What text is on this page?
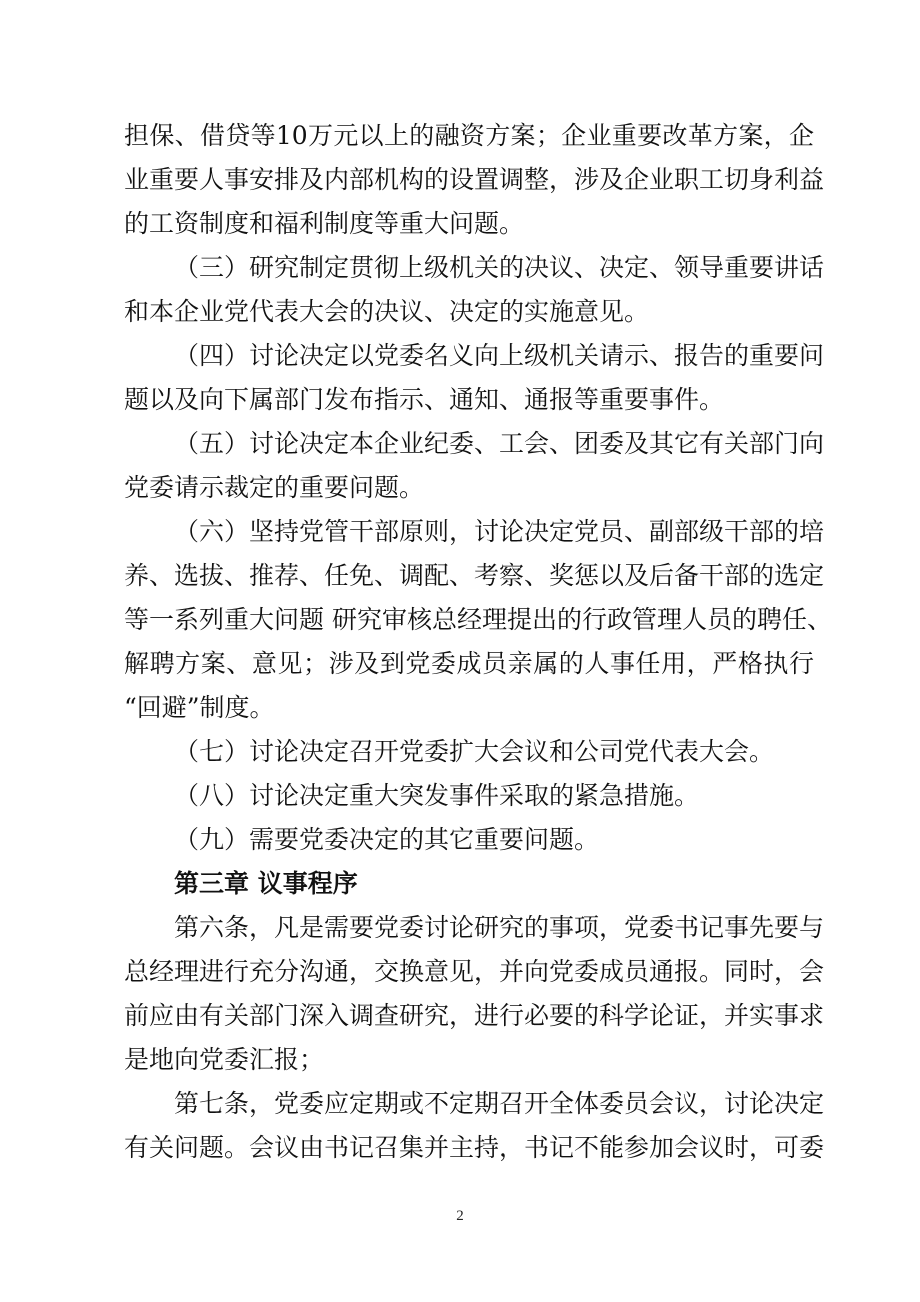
担保、借贷等10万元以上的融资方案；企业重要改革方案，企
业重要人事安排及内部机构的设置调整，涉及企业职工切身利益
的工资制度和福利制度等重大问题。

（三）研究制定贯彻上级机关的决议、决定、领导重要讲话
和本企业党代表大会的决议、决定的实施意见。

（四）讨论决定以党委名义向上级机关请示、报告的重要问
题以及向下属部门发布指示、通知、通报等重要事件。

（五）讨论决定本企业纪委、工会、团委及其它有关部门向
党委请示裁定的重要问题。

（六）坚持党管干部原则，讨论决定党员、副部级干部的培
养、选拔、推荐、任免、调配、考察、奖惩以及后备干部的选定
等一系列重大问题 研究审核总经理提出的行政管理人员的聘任、
解聘方案、意见；涉及到党委成员亲属的人事任用，严格执行
“回避”制度。

（七）讨论决定召开党委扩大会议和公司党代表大会。

（八）讨论决定重大突发事件采取的紧急措施。

（九）需要党委决定的其它重要问题。

第三章 议事程序

第六条，凡是需要党委讨论研究的事项，党委书记事先要与
总经理进行充分沟通，交换意见，并向党委成员通报。同时，会
前应由有关部门深入调查研究，进行必要的科学论证，并实事求
是地向党委汇报；

第七条，党委应定期或不定期召开全体委员会议，讨论决定
有关问题。会议由书记召集并主持，书记不能参加会议时，可委

2
